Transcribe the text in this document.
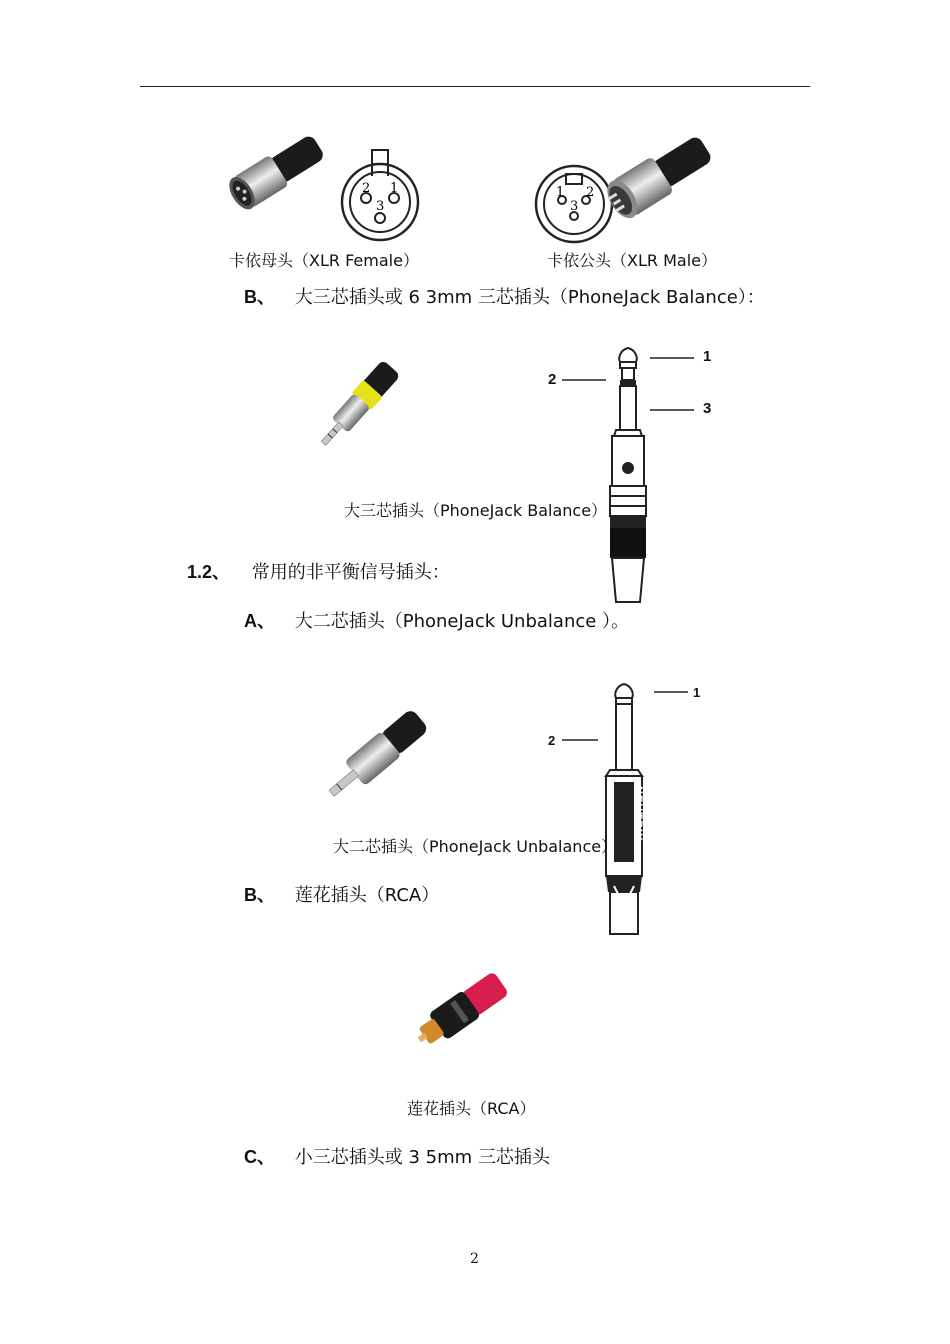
2 1
3
1 2
3
卡依母头（XLR Female）	卡依公头（XLR Male）
B、 大三芯插头或 6 3mm 三芯插头（PhoneJack Balance）：
1
2
3
大三芯插头（PhoneJack Balance）
1.2、 常用的非平衡信号插头：
A、 大二芯插头（PhoneJack Unbalance ）。
NEUTRIK
1
2
大二芯插头（PhoneJack Unbalance）
B、 莲花插头（RCA）
莲花插头（RCA）
C、 小三芯插头或 3 5mm 三芯插头
2
